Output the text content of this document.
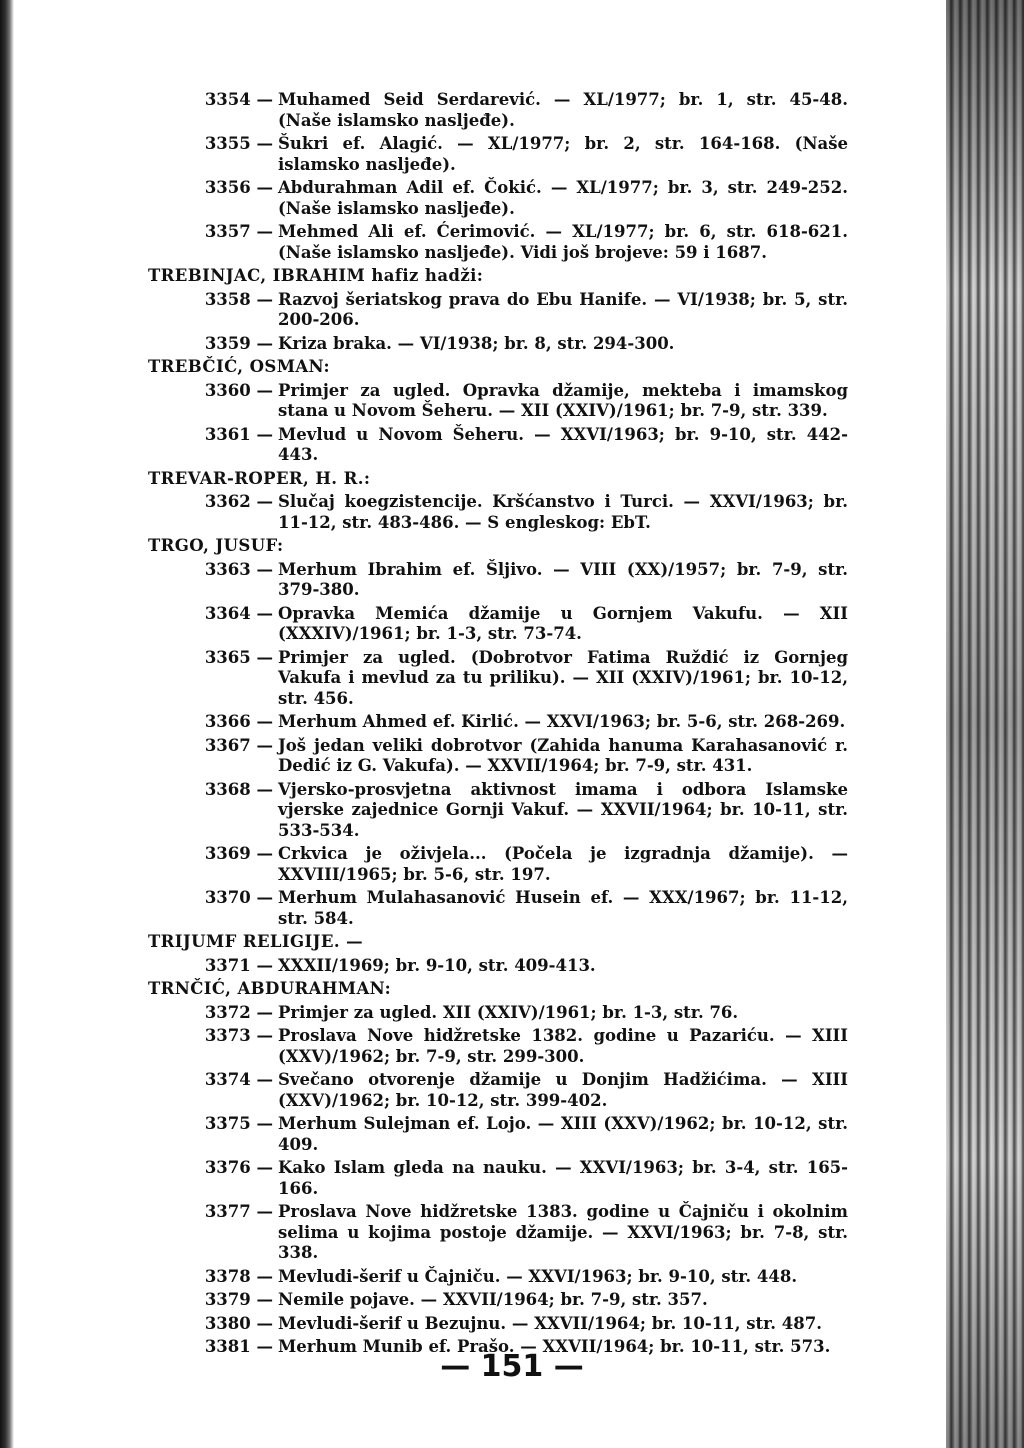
3354 — Muhamed Seid Serdarević. — XL/1977; br. 1, str. 45-48. (Naše islamsko nasljeđe).
3355 — Šukri ef. Alagić. — XL/1977; br. 2, str. 164-168. (Naše islamsko nasljeđe).
3356 — Abdurahman Adil ef. Čokić. — XL/1977; br. 3, str. 249-252. (Naše islamsko nasljeđe).
3357 — Mehmed Ali ef. Ćerimović. — XL/1977; br. 6, str. 618-621. (Naše islamsko nasljeđe). Vidi još brojeve: 59 i 1687.
TREBINJAC, IBRAHIM hafiz hadži:
3358 — Razvoj šeriatskog prava do Ebu Hanife. — VI/1938; br. 5, str. 200-206.
3359 — Kriza braka. — VI/1938; br. 8, str. 294-300.
TREBČIĆ, OSMAN:
3360 — Primjer za ugled. Opravka džamije, mekteba i imamskog stana u Novom Šeheru. — XII (XXIV)/1961; br. 7-9, str. 339.
3361 — Mevlud u Novom Šeheru. — XXVI/1963; br. 9-10, str. 442-443.
TREVAR-ROPER, H. R.:
3362 — Slučaj koegzistencije. Kršćanstvo i Turci. — XXVI/1963; br. 11-12, str. 483-486. — S engleskog: EbT.
TRGO, JUSUF:
3363 — Merhum Ibrahim ef. Šljivo. — VIII (XX)/1957; br. 7-9, str. 379-380.
3364 — Opravka Memića džamije u Gornjem Vakufu. — XII (XXXIV)/1961; br. 1-3, str. 73-74.
3365 — Primjer za ugled. (Dobrotvor Fatima Ruždić iz Gornjeg Vakufa i mevlud za tu priliku). — XII (XXIV)/1961; br. 10-12, str. 456.
3366 — Merhum Ahmed ef. Kirlić. — XXVI/1963; br. 5-6, str. 268-269.
3367 — Još jedan veliki dobrotvor (Zahida hanuma Karahasanović r. Dedić iz G. Vakufa). — XXVII/1964; br. 7-9, str. 431.
3368 — Vjersko-prosvjetna aktivnost imama i odbora Islamske vjerske zajednice Gornji Vakuf. — XXVII/1964; br. 10-11, str. 533-534.
3369 — Crkvica je oživjela... (Počela je izgradnja džamije). — XXVIII/1965; br. 5-6, str. 197.
3370 — Merhum Mulahasanović Husein ef. — XXX/1967; br. 11-12, str. 584.
TRIJUMF RELIGIJE. —
3371 — XXXII/1969; br. 9-10, str. 409-413.
TRNČIĆ, ABDURAHMAN:
3372 — Primjer za ugled. XII (XXIV)/1961; br. 1-3, str. 76.
3373 — Proslava Nove hidžretske 1382. godine u Pazariću. — XIII (XXV)/1962; br. 7-9, str. 299-300.
3374 — Svečano otvorenje džamije u Donjim Hadžićima. — XIII (XXV)/1962; br. 10-12, str. 399-402.
3375 — Merhum Sulejman ef. Lojo. — XIII (XXV)/1962; br. 10-12, str. 409.
3376 — Kako Islam gleda na nauku. — XXVI/1963; br. 3-4, str. 165-166.
3377 — Proslava Nove hidžretske 1383. godine u Čajniču i okolnim selima u kojima postoje džamije. — XXVI/1963; br. 7-8, str. 338.
3378 — Mevludi-šerif u Čajniču. — XXVI/1963; br. 9-10, str. 448.
3379 — Nemile pojave. — XXVII/1964; br. 7-9, str. 357.
3380 — Mevludi-šerif u Bezujnu. — XXVII/1964; br. 10-11, str. 487.
3381 — Merhum Munib ef. Prašo. — XXVII/1964; br. 10-11, str. 573.
— 151 —
